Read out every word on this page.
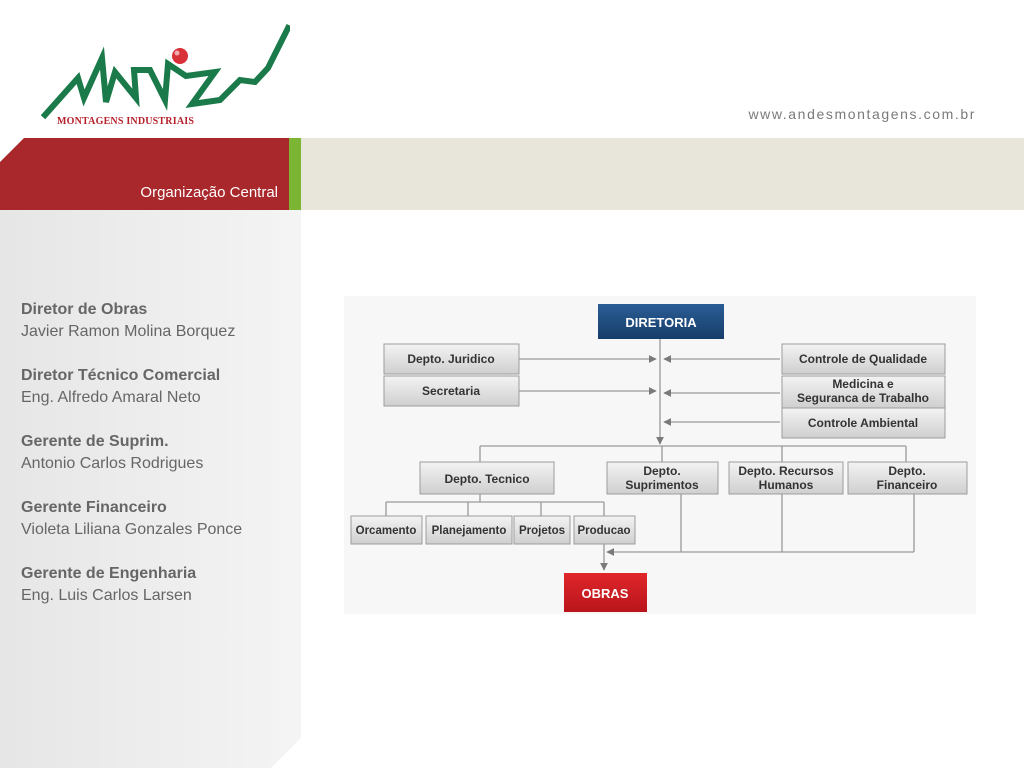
MONTAGENS INDUSTRIAIS	www.andesmontagens.com.br
Organização Central
Diretor de Obras
Javier Ramon Molina Borquez
Diretor Técnico Comercial
Eng. Alfredo Amaral Neto
Gerente de Suprim.
Antonio Carlos Rodrigues
Gerente Financeiro
Violeta Liliana Gonzales Ponce
Gerente de Engenharia
Eng. Luis Carlos Larsen
DIRETORIA
Depto. Juridico
Secretaria
Controle de Qualidade
Medicina e Seguranca de Trabalho
Controle Ambiental
Depto. Tecnico
Depto. Suprimentos
Depto. Recursos Humanos
Depto. Financeiro
Orcamento Planejamento Projetos Producao
OBRAS
